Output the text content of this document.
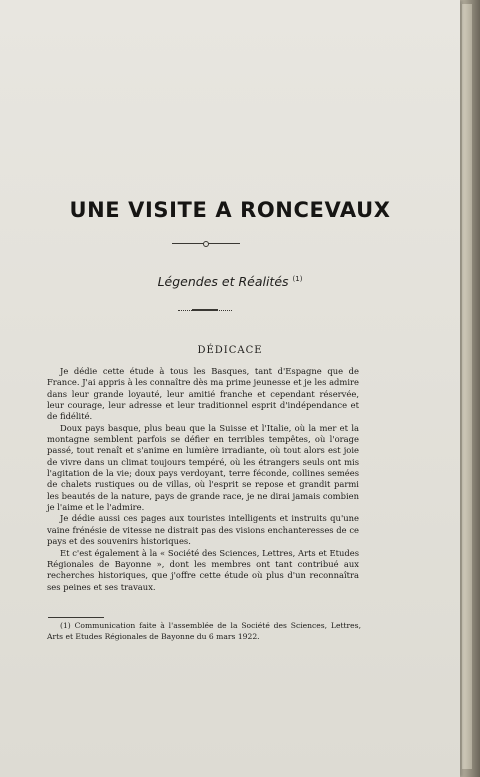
UNE VISITE A RONCEVAUX
Légendes et Réalités $^{(1)}$
DÉDICACE

Je dédie cette étude à tous les Basques, tant d'Espagne que de France. J'ai appris à les connaître dès ma prime jeunesse et je les admire dans leur grande loyauté, leur amitié franche et cependant réservée, leur courage, leur adresse et leur traditionnel esprit d'indépendance et de fidélité.

Doux pays basque, plus beau que la Suisse et l'Italie, où la mer et la montagne semblent parfois se défier en terribles tempêtes, où l'orage passé, tout renaît et s'anime en lumière irradiante, où tout alors est joie de vivre dans un climat toujours tempéré, où les étrangers seuls ont mis l'agitation de la vie; doux pays verdoyant, terre féconde, collines semées de chalets rustiques ou de villas, où l'esprit se repose et grandit parmi les beautés de la nature, pays de grande race, je ne dirai jamais combien je l'aime et le l'admire.

Je dédie aussi ces pages aux touristes intelligents et instruits qu'une vaine frénésie de vitesse ne distrait pas des visions enchanteresses de ce pays et des souvenirs historiques.

Et c'est également à la « Société des Sciences, Lettres, Arts et Etudes Régionales de Bayonne », dont les membres ont tant contribué aux recherches historiques, que j'offre cette étude où plus d'un reconnaîtra ses peines et ses travaux.

(1) Communication faite à l'assemblée de la Société des Sciences, Lettres, Arts et Etudes Régionales de Bayonne du 6 mars 1922.
